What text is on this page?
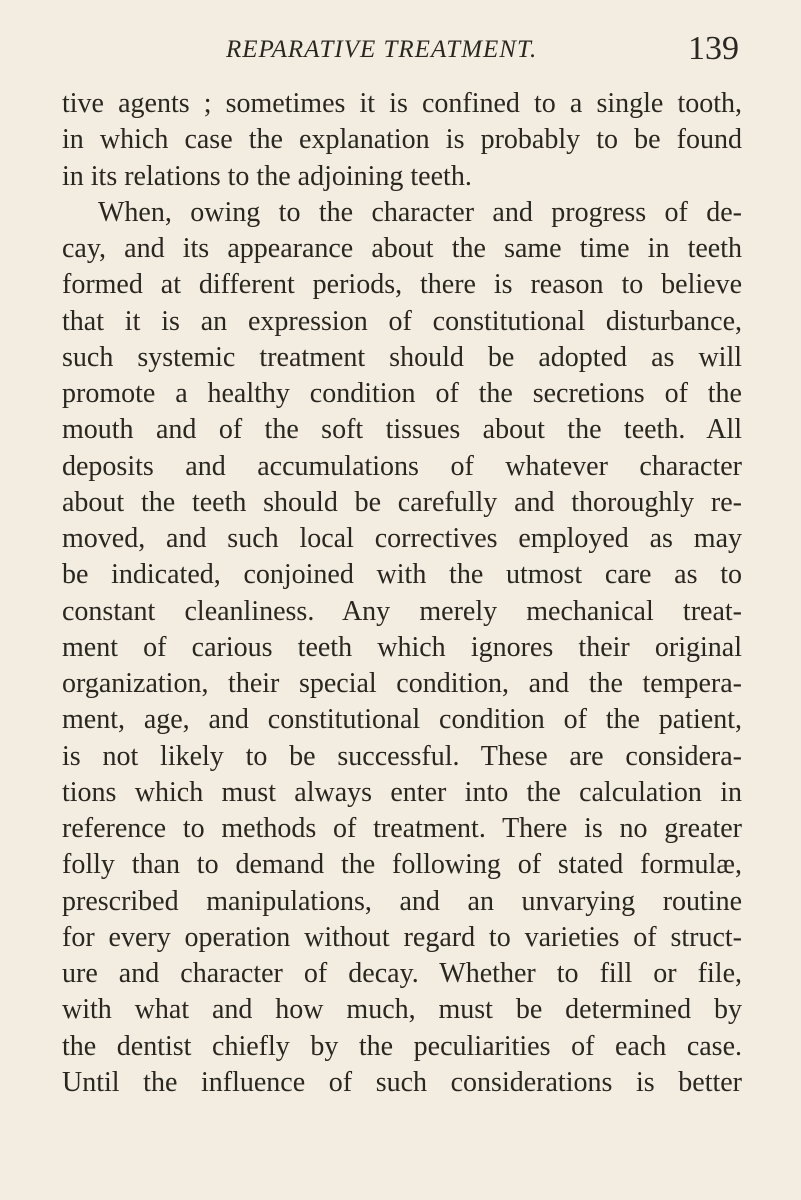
REPARATIVE TREATMENT.	139
tive agents ; sometimes it is confined to a single tooth,
in which case the explanation is probably to be found
in its relations to the adjoining teeth.
When, owing to the character and progress of de-
cay, and its appearance about the same time in teeth
formed at different periods, there is reason to believe
that it is an expression of constitutional disturbance,
such systemic treatment should be adopted as will
promote a healthy condition of the secretions of the
mouth and of the soft tissues about the teeth. All
deposits and accumulations of whatever character
about the teeth should be carefully and thoroughly re-
moved, and such local correctives employed as may
be indicated, conjoined with the utmost care as to
constant cleanliness. Any merely mechanical treat-
ment of carious teeth which ignores their original
organization, their special condition, and the tempera-
ment, age, and constitutional condition of the patient,
is not likely to be successful. These are considera-
tions which must always enter into the calculation in
reference to methods of treatment. There is no greater
folly than to demand the following of stated formulæ,
prescribed manipulations, and an unvarying routine
for every operation without regard to varieties of struct-
ure and character of decay. Whether to fill or file,
with what and how much, must be determined by
the dentist chiefly by the peculiarities of each case.
Until the influence of such considerations is better
